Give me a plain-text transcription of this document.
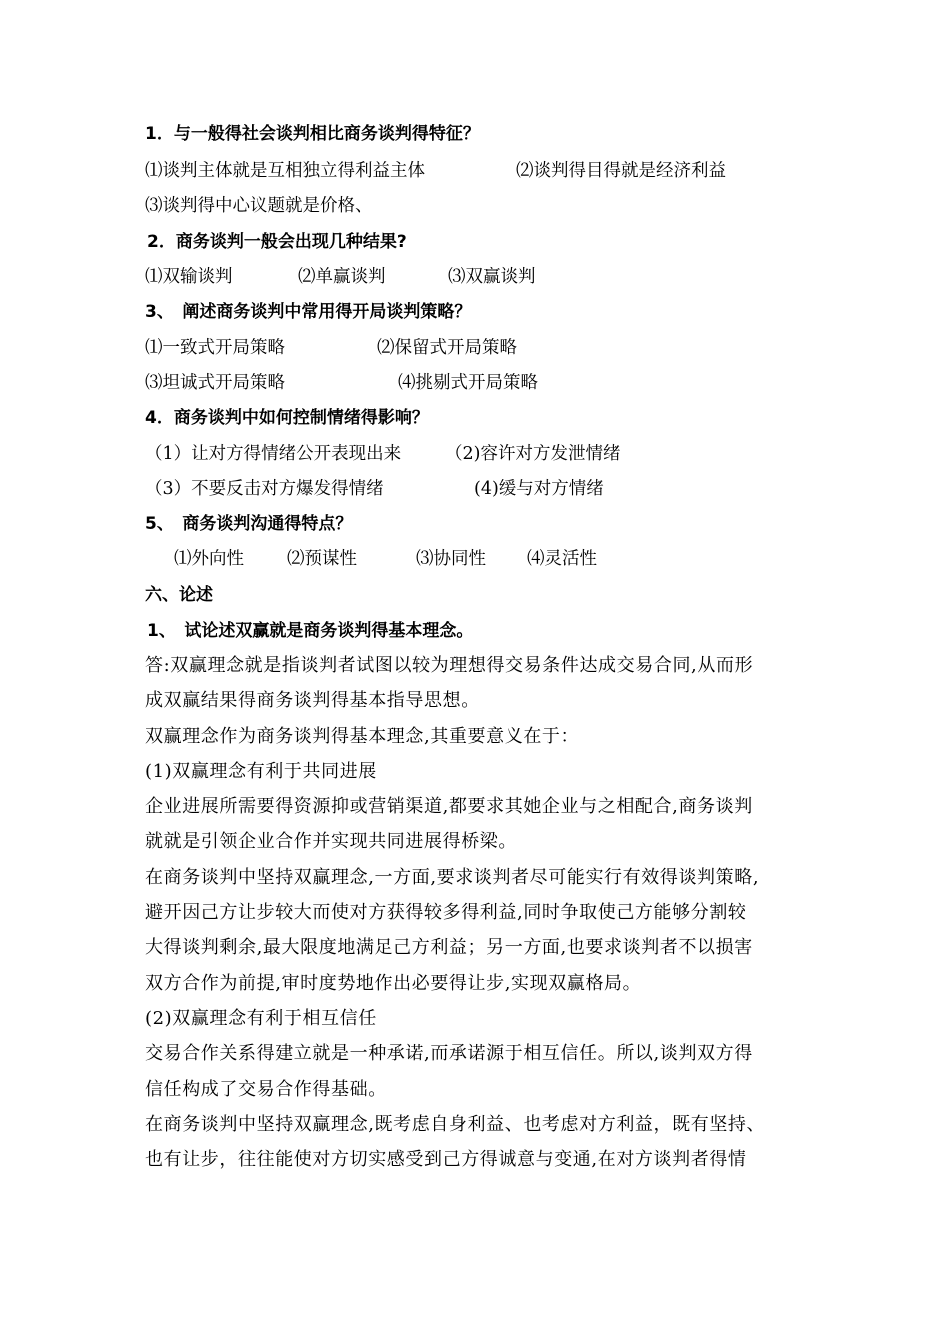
1．与一般得社会谈判相比商务谈判得特征？
⑴谈判主体就是互相独立得利益主体	⑵谈判得目得就是经济利益
⑶谈判得中心议题就是价格、
2．商务谈判一般会出现几种结果?
⑴双输谈判	⑵单赢谈判	⑶双赢谈判
3、　阐述商务谈判中常用得开局谈判策略？
⑴一致式开局策略	⑵保留式开局策略
⑶坦诚式开局策略	⑷挑剔式开局策略
4．商务谈判中如何控制情绪得影响？
（1）让对方得情绪公开表现出来	（2)容许对方发泄情绪
（3）不要反击对方爆发得情绪	(4)缓与对方情绪
5、　商务谈判沟通得特点？
⑴外向性 ⑵预谋性	⑶协同性 ⑷灵活性
六、论述
1、　试论述双赢就是商务谈判得基本理念。
答:双赢理念就是指谈判者试图以较为理想得交易条件达成交易合同,从而形
成双赢结果得商务谈判得基本指导思想。
双赢理念作为商务谈判得基本理念,其重要意义在于：
(1)双赢理念有利于共同进展
企业进展所需要得资源抑或营销渠道,都要求其她企业与之相配合,商务谈判
就就是引领企业合作并实现共同进展得桥梁。
在商务谈判中坚持双赢理念,一方面,要求谈判者尽可能实行有效得谈判策略,
避开因己方让步较大而使对方获得较多得利益,同时争取使己方能够分割较
大得谈判剩余,最大限度地满足己方利益；另一方面,也要求谈判者不以损害
双方合作为前提,审时度势地作出必要得让步,实现双赢格局。
(2)双赢理念有利于相互信任
交易合作关系得建立就是一种承诺,而承诺源于相互信任。所以,谈判双方得
信任构成了交易合作得基础。
在商务谈判中坚持双赢理念,既考虑自身利益、也考虑对方利益，既有坚持、
也有让步，往往能使对方切实感受到己方得诚意与变通,在对方谈判者得情
